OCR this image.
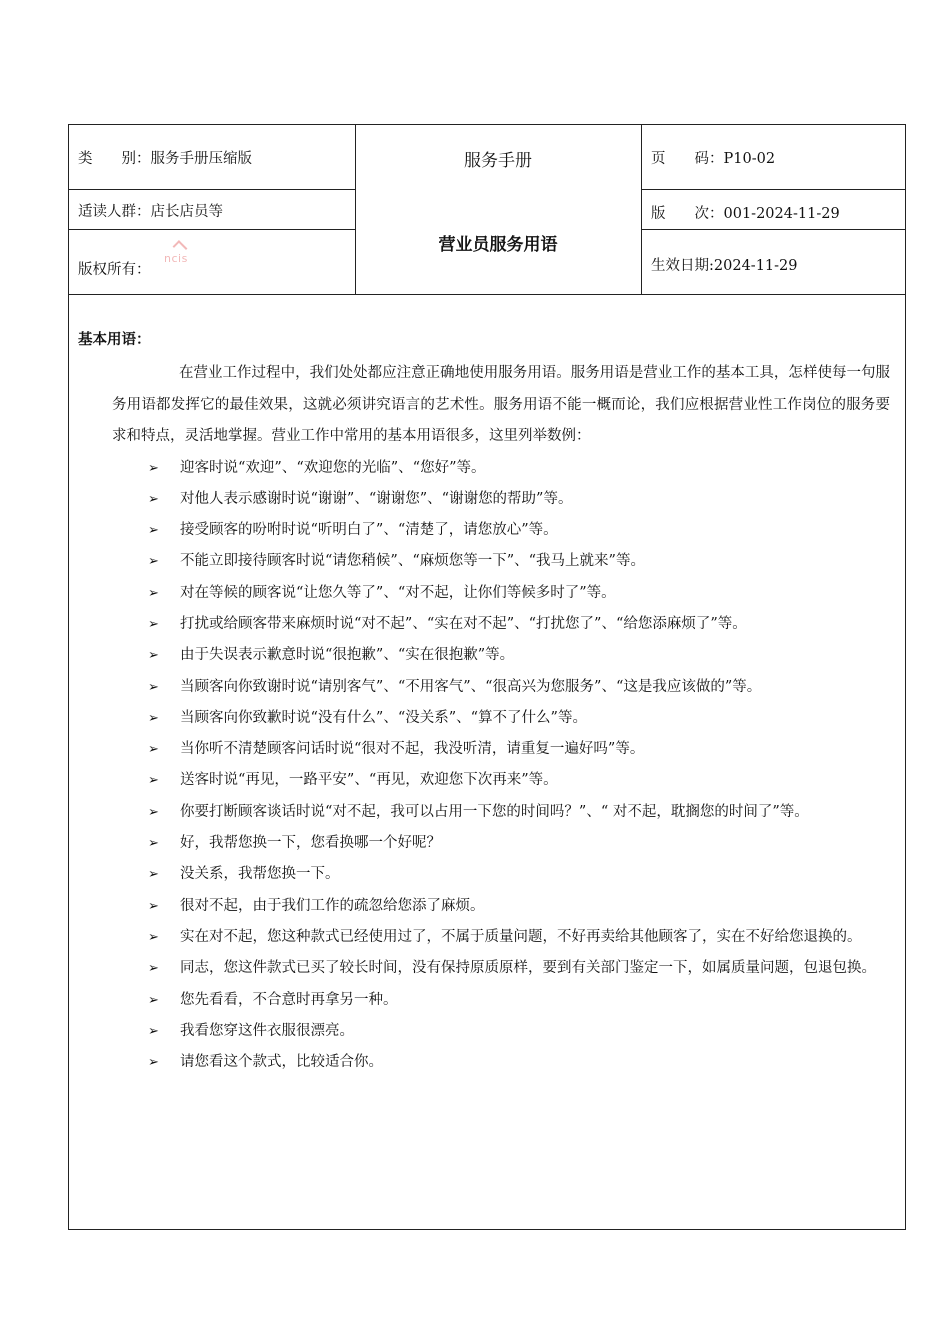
类　　别：服务手册压缩版
适读人群：店长店员等
版权所有：
ncis
服务手册
营业员服务用语
页　　码：P10-02
版　　次：001-2024-11-29
生效日期:2024-11-29
基本用语：

在营业工作过程中，我们处处都应注意正确地使用服务用语。服务用语是营业工作的基本工具，怎样使每一句服务用语都发挥它的最佳效果，这就必须讲究语言的艺术性。服务用语不能一概而论，我们应根据营业性工作岗位的服务要求和特点，灵活地掌握。营业工作中常用的基本用语很多，这里列举数例：

➢ 迎客时说“欢迎”、“欢迎您的光临”、“您好”等。
➢ 对他人表示感谢时说“谢谢”、“谢谢您”、“谢谢您的帮助”等。
➢ 接受顾客的吩咐时说“听明白了”、“清楚了，请您放心”等。
➢ 不能立即接待顾客时说“请您稍候”、“麻烦您等一下”、“我马上就来”等。
➢ 对在等候的顾客说“让您久等了”、“对不起，让你们等候多时了”等。
➢ 打扰或给顾客带来麻烦时说“对不起”、“实在对不起”、“打扰您了”、“给您添麻烦了”等。
➢ 由于失误表示歉意时说“很抱歉”、“实在很抱歉”等。
➢ 当顾客向你致谢时说“请别客气”、“不用客气”、“很高兴为您服务”、“这是我应该做的”等。
➢ 当顾客向你致歉时说“没有什么”、“没关系”、“算不了什么”等。
➢ 当你听不清楚顾客问话时说“很对不起，我没听清，请重复一遍好吗”等。
➢ 送客时说“再见，一路平安”、“再见，欢迎您下次再来”等。
➢ 你要打断顾客谈话时说“对不起，我可以占用一下您的时间吗？”、“ 对不起，耽搁您的时间了”等。
➢ 好，我帮您换一下，您看换哪一个好呢？
➢ 没关系，我帮您换一下。
➢ 很对不起，由于我们工作的疏忽给您添了麻烦。
➢ 实在对不起，您这种款式已经使用过了，不属于质量问题，不好再卖给其他顾客了，实在不好给您退换的。
➢ 同志，您这件款式已买了较长时间，没有保持原质原样，要到有关部门鉴定一下，如属质量问题，包退包换。
➢ 您先看看，不合意时再拿另一种。
➢ 我看您穿这件衣服很漂亮。
➢ 请您看这个款式，比较适合你。
